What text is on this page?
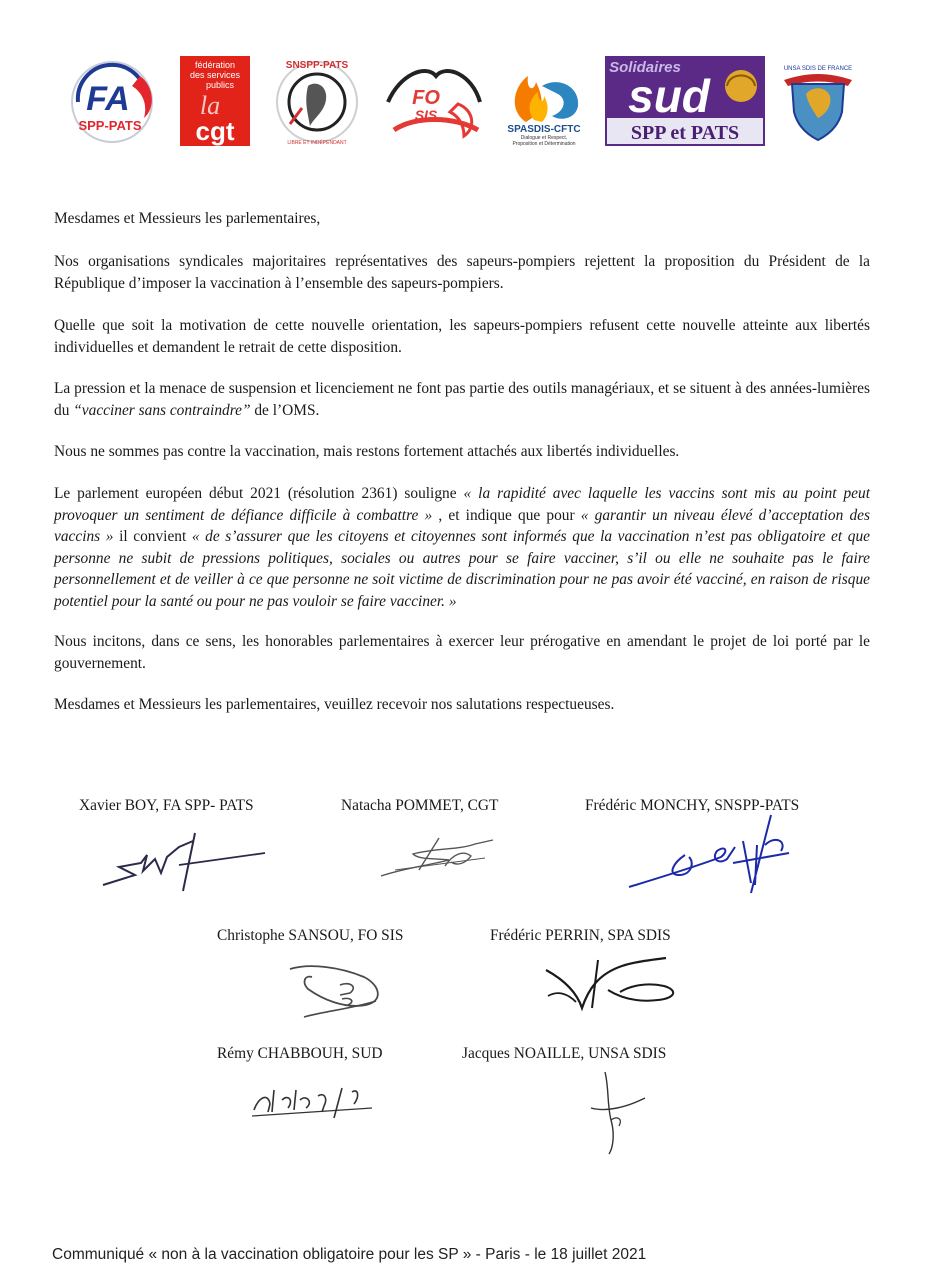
FA
SPP-PATS
fédération
des services
publics
la
cgt
SNSPP-PATS
LIBRE ET INDÉPENDANT
FO
SIS
SPASDIS-CFTC
Dialogue et Respect,
Proposition et Détermination
Solidaires
sud
SPP et PATS
UNSA SDIS DE FRANCE

Mesdames et Messieurs les parlementaires,

Nos organisations syndicales majoritaires représentatives des sapeurs-pompiers rejettent la proposition du Président de la République d’imposer la vaccination à l’ensemble des sapeurs-pompiers.

Quelle que soit la motivation de cette nouvelle orientation, les sapeurs-pompiers refusent cette nouvelle atteinte aux libertés individuelles et demandent le retrait de cette disposition.

La pression et la menace de suspension et licenciement ne font pas partie des outils managériaux, et se situent à des années-lumières du “vacciner sans contraindre” de l’OMS.

Nous ne sommes pas contre la vaccination, mais restons fortement attachés aux libertés individuelles.

Le parlement européen début 2021 (résolution 2361) souligne « la rapidité avec laquelle les vaccins sont mis au point peut provoquer un sentiment de défiance difficile à combattre » , et indique que pour « garantir un niveau élevé d’acceptation des vaccins » il convient « de s’assurer que les citoyens et citoyennes sont informés que la vaccination n’est pas obligatoire et que personne ne subit de pressions politiques, sociales ou autres pour se faire vacciner, s’il ou elle ne souhaite pas le faire personnellement et de veiller à ce que personne ne soit victime de discrimination pour ne pas avoir été vacciné, en raison de risque potentiel pour la santé ou pour ne pas vouloir se faire vacciner. »

Nous incitons, dans ce sens, les honorables parlementaires à exercer leur prérogative en amendant le projet de loi porté par le gouvernement.

Mesdames et Messieurs les parlementaires, veuillez recevoir nos salutations respectueuses.

Xavier BOY, FA SPP- PATS	Natacha POMMET, CGT	Frédéric MONCHY, SNSPP-PATS
Christophe SANSOU, FO SIS	Frédéric PERRIN, SPA SDIS
Rémy CHABBOUH, SUD	Jacques NOAILLE, UNSA SDIS
Communiqué « non à la vaccination obligatoire pour les SP » - Paris - le 18 juillet 2021
